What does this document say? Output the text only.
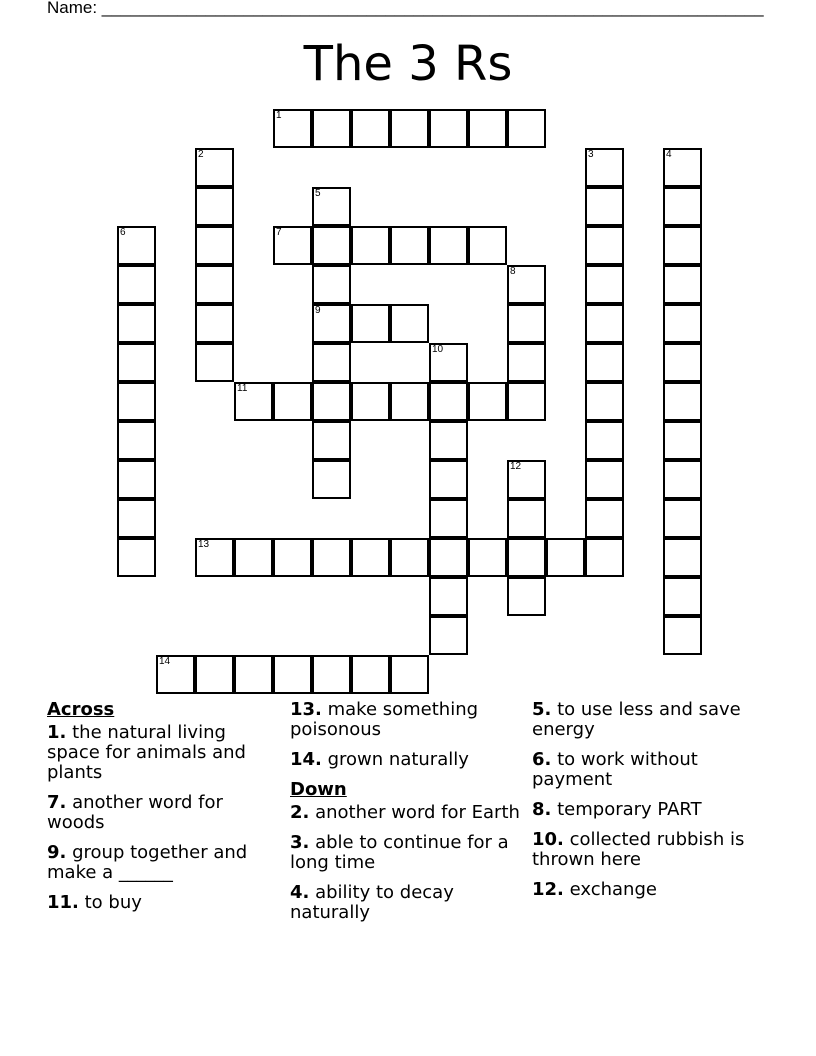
Name: ______________________________________________________________________
The 3 Rs
1
2	3	4
5
9
6	7
8
10
11
12
13
14
Across
1. the natural living space for animals and plants
7. another word for woods
9. group together and make a ______
11. to buy
13. make something poisonous
14. grown naturally
Down
2. another word for Earth
3. able to continue for a long time
4. ability to decay naturally
5. to use less and save energy
6. to work without payment
8. temporary PART
10. collected rubbish is thrown here
12. exchange
